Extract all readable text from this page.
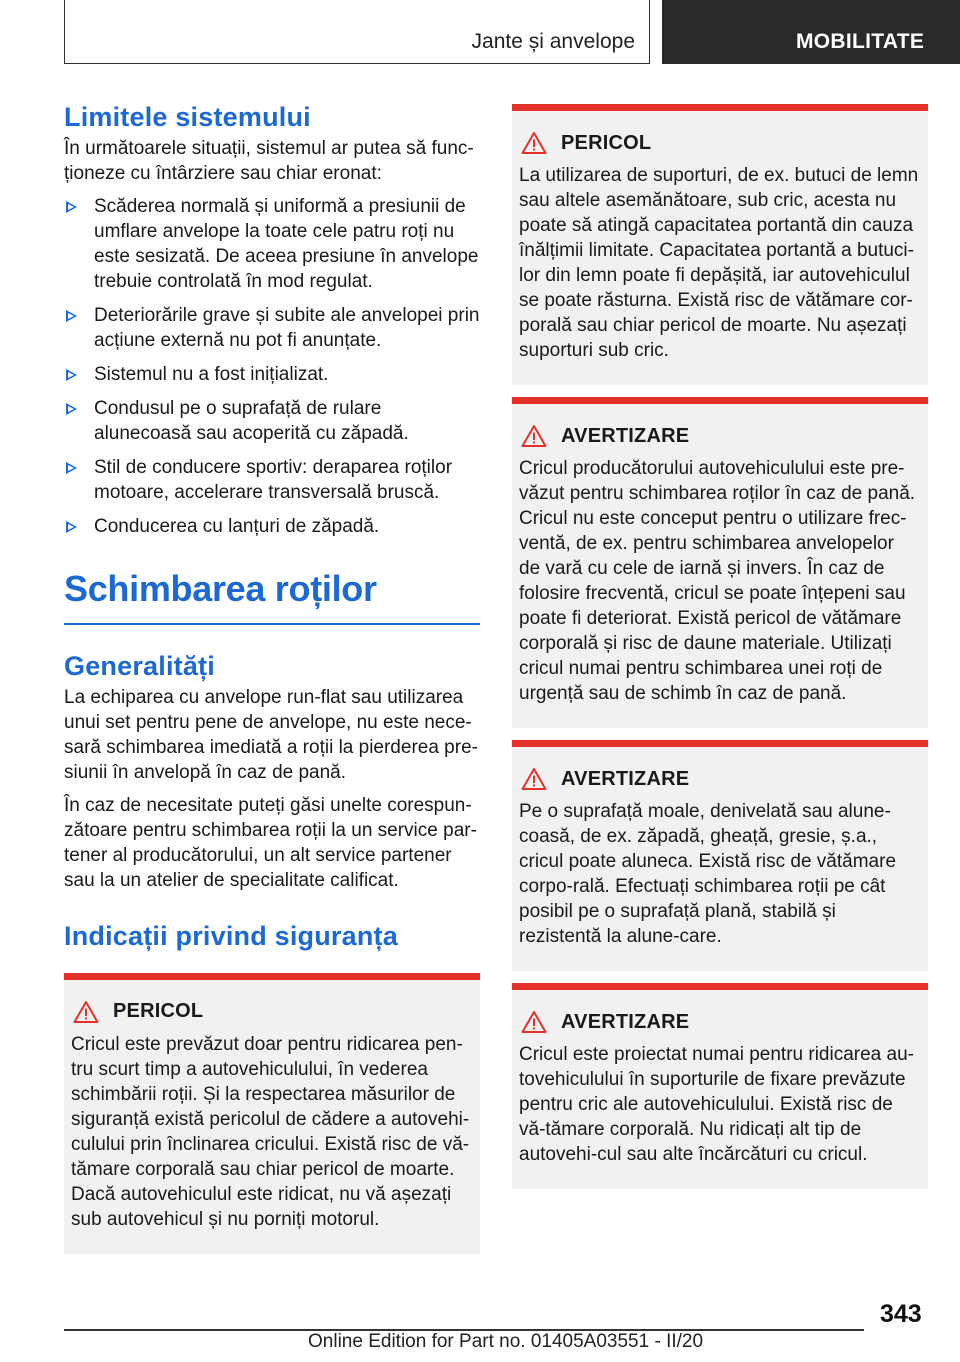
Jante și anvelope	MOBILITATE
Limitele sistemului

În următoarele situații, sistemul ar putea să func-ționeze cu întârziere sau chiar eronat:

Scăderea normală și uniformă a presiunii de umflare anvelope la toate cele patru roți nu este sesizată. De aceea presiune în anvelope trebuie controlată în mod regulat.
Deteriorările grave și subite ale anvelopei prin acțiune externă nu pot fi anunțate.
Sistemul nu a fost inițializat.
Condusul pe o suprafață de rulare alunecoasă sau acoperită cu zăpadă.
Stil de conducere sportiv: deraparea roților motoare, accelerare transversală bruscă.
Conducerea cu lanțuri de zăpadă.
Schimbarea roților
Generalități

La echiparea cu anvelope run-flat sau utilizarea unui set pentru pene de anvelope, nu este nece-sară schimbarea imediată a roții la pierderea pre-siunii în anvelopă în caz de pană.

În caz de necesitate puteți găsi unelte corespun-zătoare pentru schimbarea roții la un service par-tener al producătorului, un alt service partener sau la un atelier de specialitate calificat.

Indicații privind siguranța
PERICOL

Cricul este prevăzut doar pentru ridicarea pen-tru scurt timp a autovehiculului, în vederea schimbării roții. Și la respectarea măsurilor de siguranță există pericolul de cădere a autovehi-culului prin înclinarea cricului. Există risc de vă-tămare corporală sau chiar pericol de moarte. Dacă autovehiculul este ridicat, nu vă așezați sub autovehicul și nu porniți motorul.

PERICOL

La utilizarea de suporturi, de ex. butuci de lemn sau altele asemănătoare, sub cric, acesta nu poate să atingă capacitatea portantă din cauza înălțimii limitate. Capacitatea portantă a butuci-lor din lemn poate fi depășită, iar autovehiculul se poate răsturna. Există risc de vătămare cor-porală sau chiar pericol de moarte. Nu așezați suporturi sub cric.

AVERTIZARE

Cricul producătorului autovehiculului este pre-văzut pentru schimbarea roților în caz de pană. Cricul nu este conceput pentru o utilizare frec-ventă, de ex. pentru schimbarea anvelopelor de vară cu cele de iarnă și invers. În caz de folosire frecventă, cricul se poate înțepeni sau poate fi deteriorat. Există pericol de vătămare corporală și risc de daune materiale. Utilizați cricul numai pentru schimbarea unei roți de urgență sau de schimb în caz de pană.

AVERTIZARE

Pe o suprafață moale, denivelată sau alune-coasă, de ex. zăpadă, gheață, gresie, ș.a., cricul poate aluneca. Există risc de vătămare corpo-rală. Efectuați schimbarea roții pe cât posibil pe o suprafață plană, stabilă și rezistentă la alune-care.

AVERTIZARE

Cricul este proiectat numai pentru ridicarea au-tovehiculului în suporturile de fixare prevăzute pentru cric ale autovehiculului. Există risc de vă-tămare corporală. Nu ridicați alt tip de autovehi-cul sau alte încărcături cu cricul.

343
Online Edition for Part no. 01405A03551 - II/20
